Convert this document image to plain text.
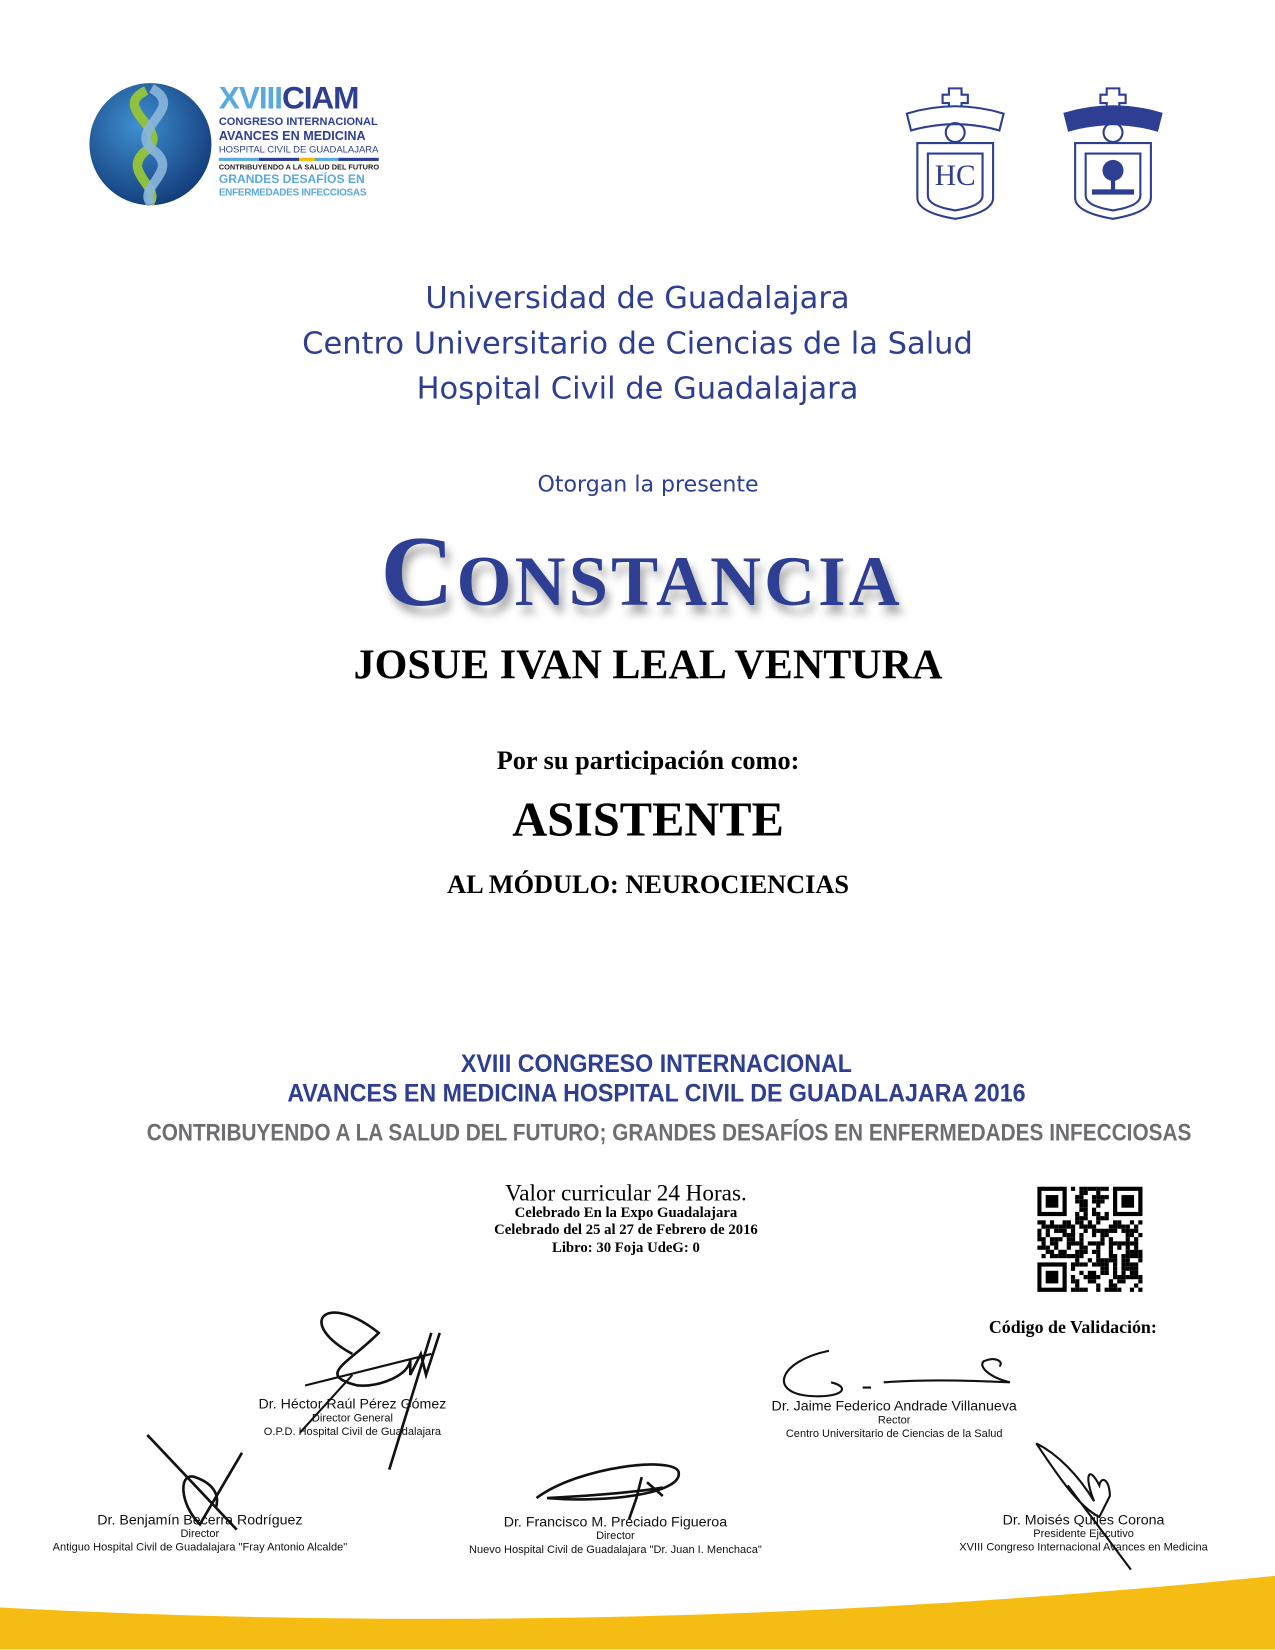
XVIIICIAM
CONGRESO INTERNACIONAL
AVANCES EN MEDICINA
HOSPITAL CIVIL DE GUADALAJARA
CONTRIBUYENDO A LA SALUD DEL FUTURO
GRANDES DESAFÍOS EN
ENFERMEDADES INFECCIOSAS
HC
Universidad de Guadalajara
Centro Universitario de Ciencias de la Salud
Hospital Civil de Guadalajara
Otorgan la presente
Constancia
JOSUE IVAN LEAL VENTURA
Por su participación como:
ASISTENTE
AL MÓDULO: NEUROCIENCIAS
XVIII CONGRESO INTERNACIONAL
AVANCES EN MEDICINA HOSPITAL CIVIL DE GUADALAJARA 2016
CONTRIBUYENDO A LA SALUD DEL FUTURO; GRANDES DESAFÍOS EN ENFERMEDADES INFECCIOSAS
Valor curricular 24 Horas.
Celebrado En la Expo Guadalajara
Celebrado del 25 al 27 de Febrero de 2016
Libro: 30 Foja UdeG: 0
Código de Validación:
Dr. Héctor Raúl Pérez Gómez
Director General
O.P.D. Hospital Civil de Guadalajara
Dr. Jaime Federico Andrade Villanueva
Rector
Centro Universitario de Ciencias de la Salud
Dr. Benjamín Becerra Rodríguez
Director
Antiguo Hospital Civil de Guadalajara "Fray Antonio Alcalde"
Dr. Francisco M. Preciado Figueroa
Director
Nuevo Hospital Civil de Guadalajara "Dr. Juan I. Menchaca"
Dr. Moisés Quiles Corona
Presidente Ejecutivo
XVIII Congreso Internacional Avances en Medicina
